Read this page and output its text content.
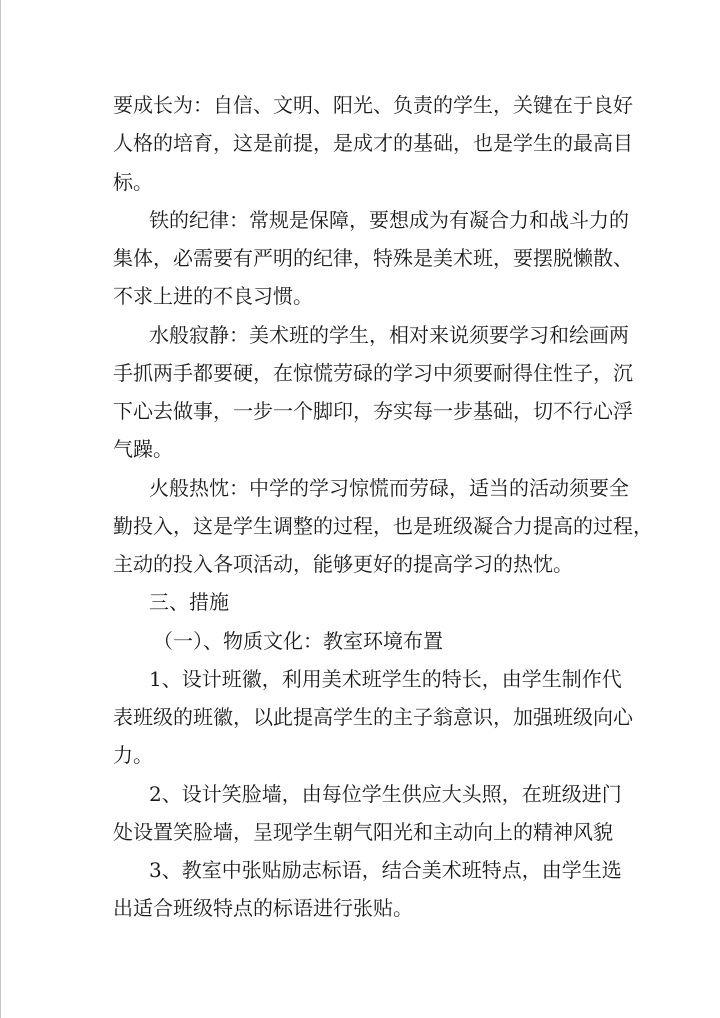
要成长为：自信、文明、阳光、负责的学生，关键在于良好
人格的培育，这是前提，是成才的基础，也是学生的最高目
标。
铁的纪律：常规是保障，要想成为有凝合力和战斗力的
集体，必需要有严明的纪律，特殊是美术班，要摆脱懒散、
不求上进的不良习惯。
水般寂静：美术班的学生，相对来说须要学习和绘画两
手抓两手都要硬，在惊慌劳碌的学习中须要耐得住性子，沉
下心去做事，一步一个脚印，夯实每一步基础，切不行心浮
气躁。
火般热忱：中学的学习惊慌而劳碌，适当的活动须要全
勤投入，这是学生调整的过程，也是班级凝合力提高的过程，
主动的投入各项活动，能够更好的提高学习的热忱。
三、措施
（一）、物质文化：教室环境布置
1、设计班徽，利用美术班学生的特长，由学生制作代
表班级的班徽，以此提高学生的主子翁意识，加强班级向心
力。
2、设计笑脸墙，由每位学生供应大头照，在班级进门
处设置笑脸墙，呈现学生朝气阳光和主动向上的精神风貌
3、教室中张贴励志标语，结合美术班特点，由学生选
出适合班级特点的标语进行张贴。
